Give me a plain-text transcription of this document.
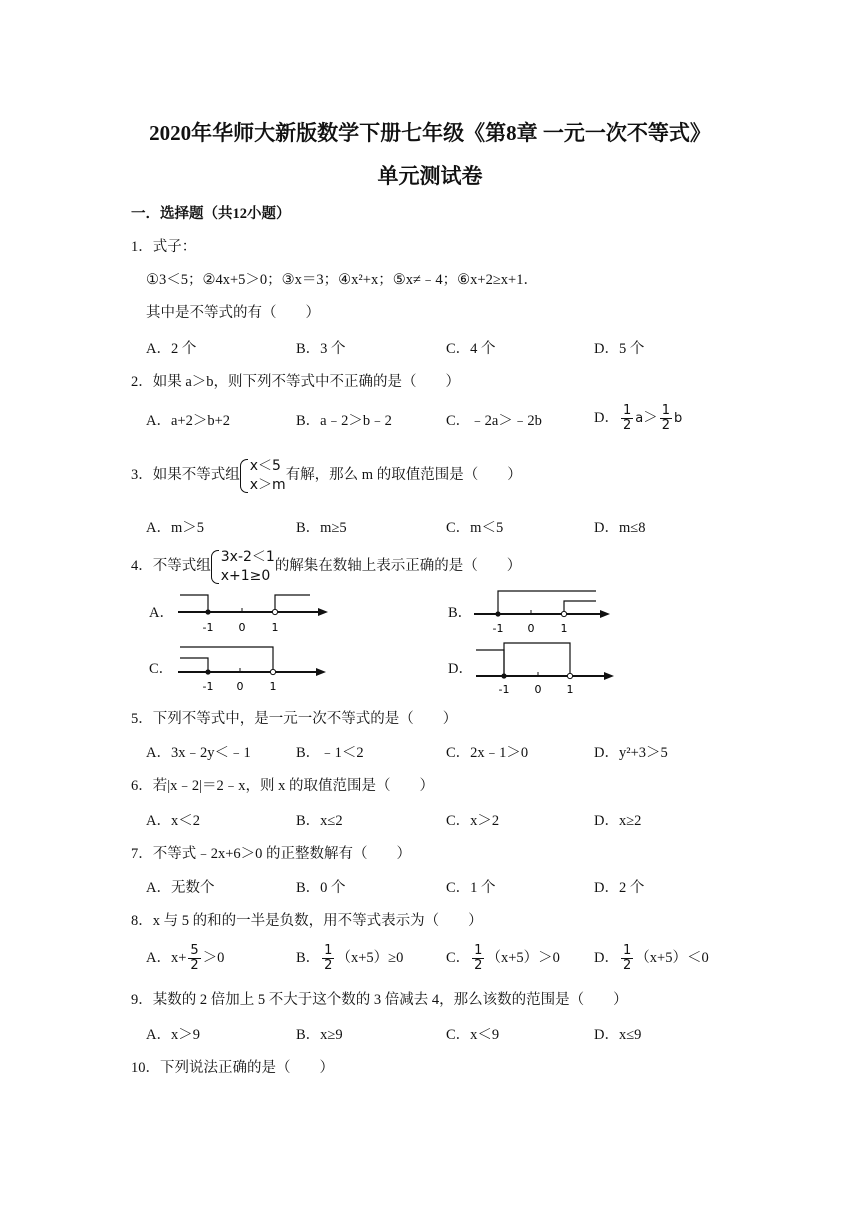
2020年华师大新版数学下册七年级《第8章 一元一次不等式》
单元测试卷
一．选择题（共12小题）
1．式子：
①3＜5；②4x+5＞0；③x＝3；④x²+x；⑤x≠﹣4；⑥x+2≥x+1．
其中是不等式的有（　　）
A．2 个	B．3 个	C．4 个	D．5 个
2．如果 a＞b，则下列不等式中不正确的是（　　）
A．a+2＞b+2	B．a﹣2＞b﹣2	C．﹣2a＞﹣2b	D． $\frac{1}{2} a> \frac{1}{2}$ b
3．如果不等式组
x＜5
x＞m
有解，那么 m 的取值范围是（　　）
A．m＞5	B．m≥5	C．m＜5	D．m≤8
4．不等式组
3x-2＜1
x+1≥0
的解集在数轴上表示正确的是（　　）
A．
-1 0 1
B．
-1 0 1
C．
-1 0 1
D．
-1 0 1
5．下列不等式中，是一元一次不等式的是（　　）
A．3x﹣2y＜﹣1	B．﹣1＜2	C．2x﹣1＞0	D．y²+3＞5
6．若|x﹣2|＝2﹣x，则 x 的取值范围是（　　）
A．x＜2	B．x≤2	C．x＞2	D．x≥2
7．不等式﹣2x+6＞0 的正整数解有（　　）
A．无数个	B．0 个	C．1 个	D．2 个
8．x 与 5 的和的一半是负数，用不等式表示为（　　）
A．$x+ \frac{5}{2} >0$	B． $\frac{1}{2} (x+5)\ge 0$	C． $\frac{1}{2} (x+5)>0$ D． $\frac{1}{2} (x+5)<0$
9．某数的 2 倍加上 5 不大于这个数的 3 倍减去 4，那么该数的范围是（　　）
A．x＞9	B．x≥9	C．x＜9	D．x≤9
10．下列说法正确的是（　　）
